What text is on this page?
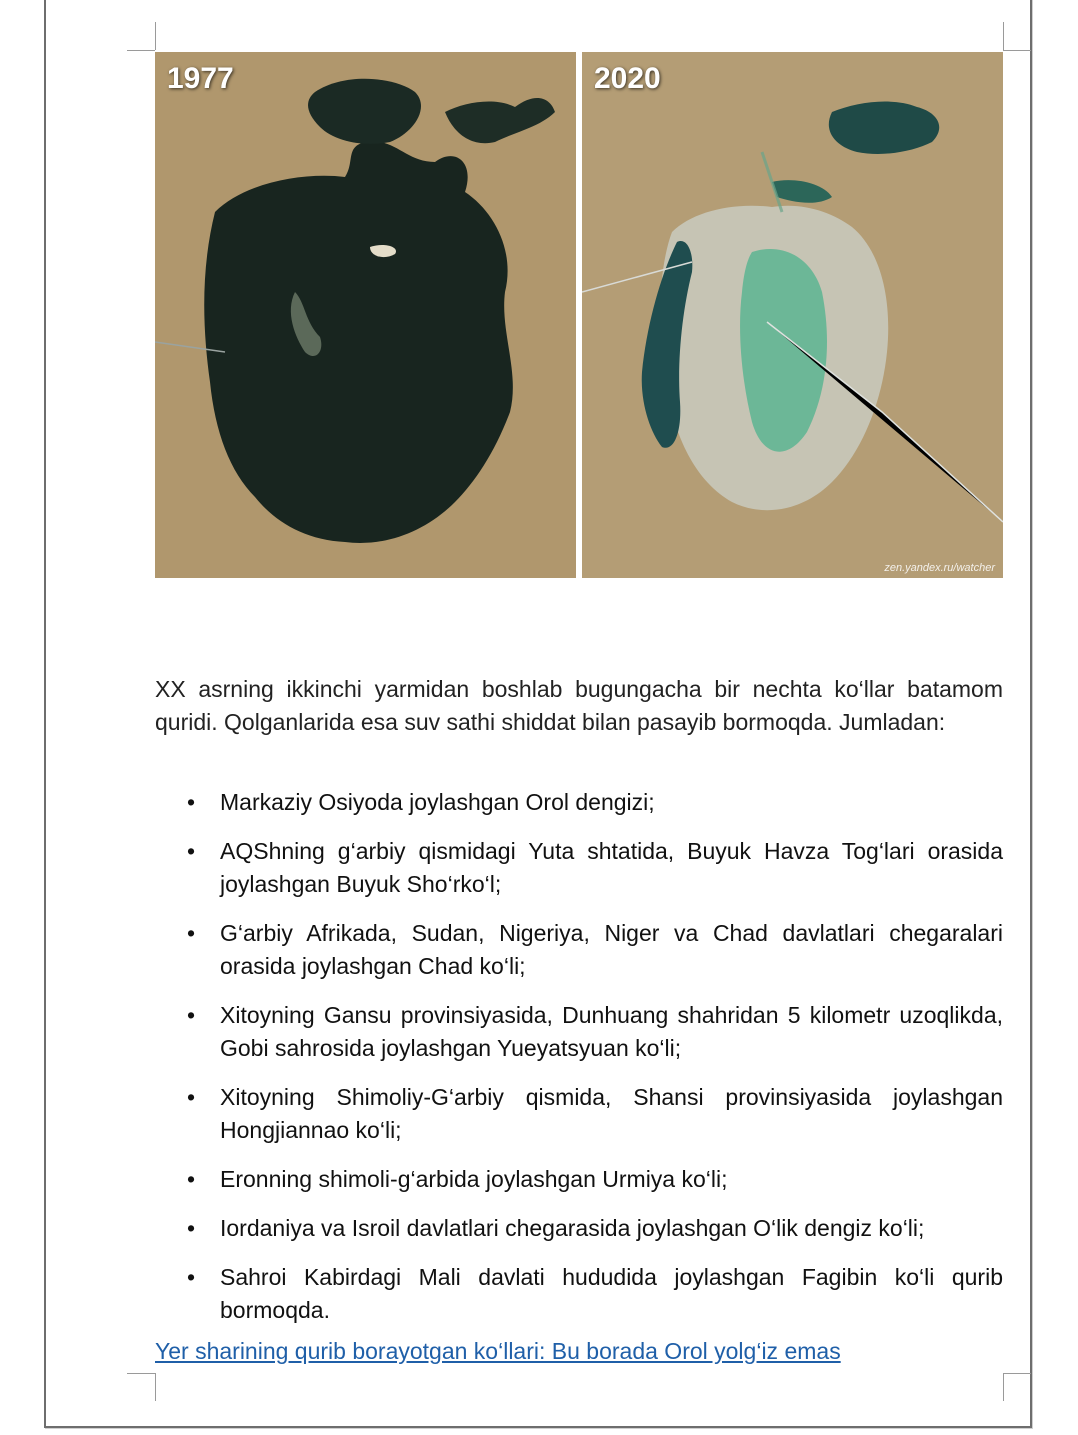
1977	2020
zen.yandex.ru/watcher

XX asrning ikkinchi yarmidan boshlab bugungacha bir nechta ko‘llar batamom quridi. Qolganlarida esa suv sathi shiddat bilan pasayib bormoqda. Jumladan:

• Markaziy Osiyoda joylashgan Orol dengizi;
• AQShning g‘arbiy qismidagi Yuta shtatida, Buyuk Havza Tog‘lari orasida joylashgan Buyuk Sho‘rko‘l;
• G‘arbiy Afrikada, Sudan, Nigeriya, Niger va Chad davlatlari chegaralari orasida joylashgan Chad ko‘li;
• Xitoyning Gansu provinsiyasida, Dunhuang shahridan 5 kilometr uzoqlikda, Gobi sahrosida joylashgan Yueyatsyuan ko‘li;
• Xitoyning Shimoliy-G‘arbiy qismida, Shansi provinsiyasida joylashgan Hongjiannao ko‘li;
• Eronning shimoli-g‘arbida joylashgan Urmiya ko‘li;
• Iordaniya va Isroil davlatlari chegarasida joylashgan O‘lik dengiz ko‘li;
• Sahroi Kabirdagi Mali davlati hududida joylashgan Fagibin ko‘li qurib bormoqda.
Yer sharining qurib borayotgan ko‘llari: Bu borada Orol yolg‘iz emas
